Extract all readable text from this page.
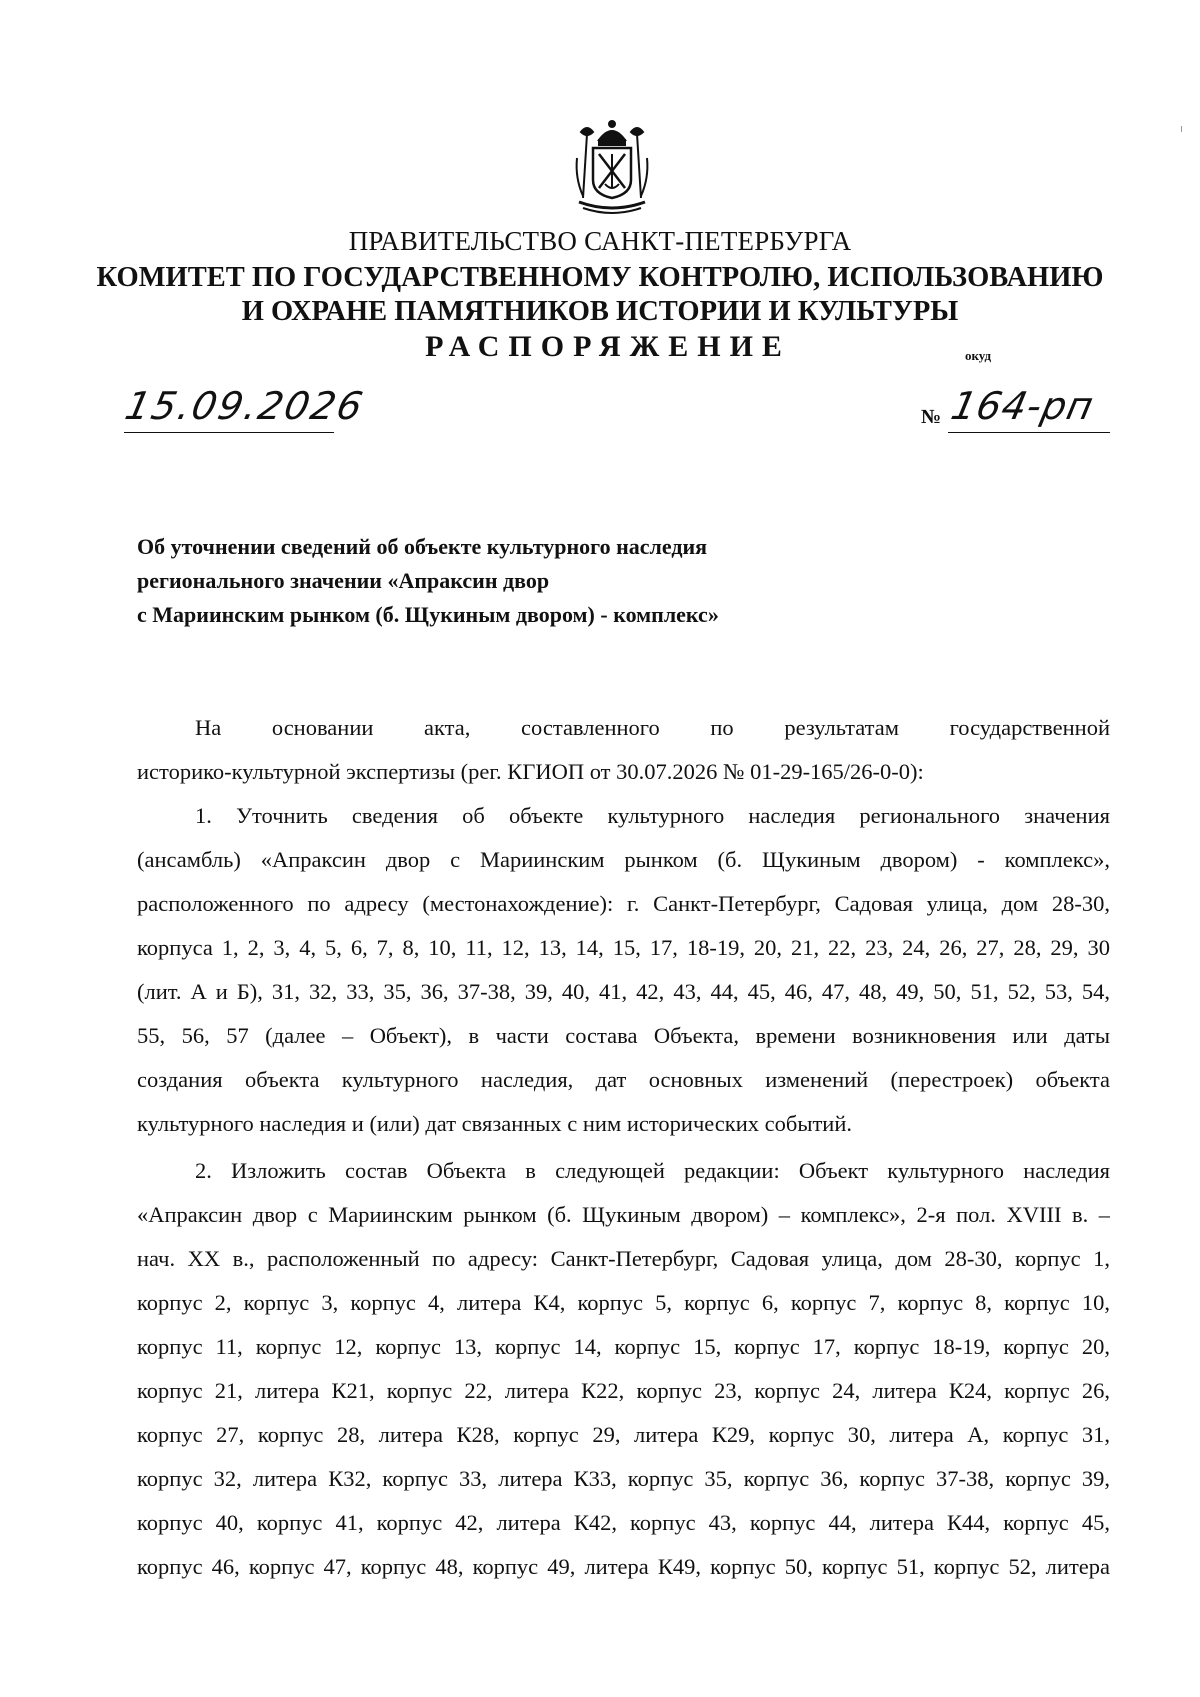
ПРАВИТЕЛЬСТВО САНКТ-ПЕТЕРБУРГА

КОМИТЕТ ПО ГОСУДАРСТВЕННОМУ КОНТРОЛЮ, ИСПОЛЬЗОВАНИЮ

И ОХРАНЕ ПАМЯТНИКОВ ИСТОРИИ И КУЛЬТУРЫ

РАСПОРЯЖЕНИЕ	окуд
15.09.2026	№ 164-рп
Об уточнении сведений об объекте культурного наследия
регионального значении «Апраксин двор
с Мариинским рынком (б. Щукиным двором) - комплекс»
На основании акта, составленного по результатам государственной
историко-культурной экспертизы (рег. КГИОП от 30.07.2026 № 01-29-165/26-0-0):
1. Уточнить сведения об объекте культурного наследия регионального значения
(ансамбль) «Апраксин двор с Мариинским рынком (б. Щукиным двором) - комплекс»,
расположенного по адресу (местонахождение): г. Санкт-Петербург, Садовая улица, дом 28-30,
корпуса 1, 2, 3, 4, 5, 6, 7, 8, 10, 11, 12, 13, 14, 15, 17, 18-19, 20, 21, 22, 23, 24, 26, 27, 28, 29, 30
(лит. А и Б), 31, 32, 33, 35, 36, 37-38, 39, 40, 41, 42, 43, 44, 45, 46, 47, 48, 49, 50, 51, 52, 53, 54,
55, 56, 57 (далее – Объект), в части состава Объекта, времени возникновения или даты
создания объекта культурного наследия, дат основных изменений (перестроек) объекта
культурного наследия и (или) дат связанных с ним исторических событий.
2. Изложить состав Объекта в следующей редакции: Объект культурного наследия
«Апраксин двор с Мариинским рынком (б. Щукиным двором) – комплекс», 2-я пол. XVIII в. –
нач. XX в., расположенный по адресу: Санкт-Петербург, Садовая улица, дом 28-30, корпус 1,
корпус 2, корпус 3, корпус 4, литера К4, корпус 5, корпус 6, корпус 7, корпус 8, корпус 10,
корпус 11, корпус 12, корпус 13, корпус 14, корпус 15, корпус 17, корпус 18-19, корпус 20,
корпус 21, литера К21, корпус 22, литера К22, корпус 23, корпус 24, литера К24, корпус 26,
корпус 27, корпус 28, литера К28, корпус 29, литера К29, корпус 30, литера А, корпус 31,
корпус 32, литера К32, корпус 33, литера К33, корпус 35, корпус 36, корпус 37-38, корпус 39,
корпус 40, корпус 41, корпус 42, литера К42, корпус 43, корпус 44, литера К44, корпус 45,
корпус 46, корпус 47, корпус 48, корпус 49, литера К49, корпус 50, корпус 51, корпус 52, литера
